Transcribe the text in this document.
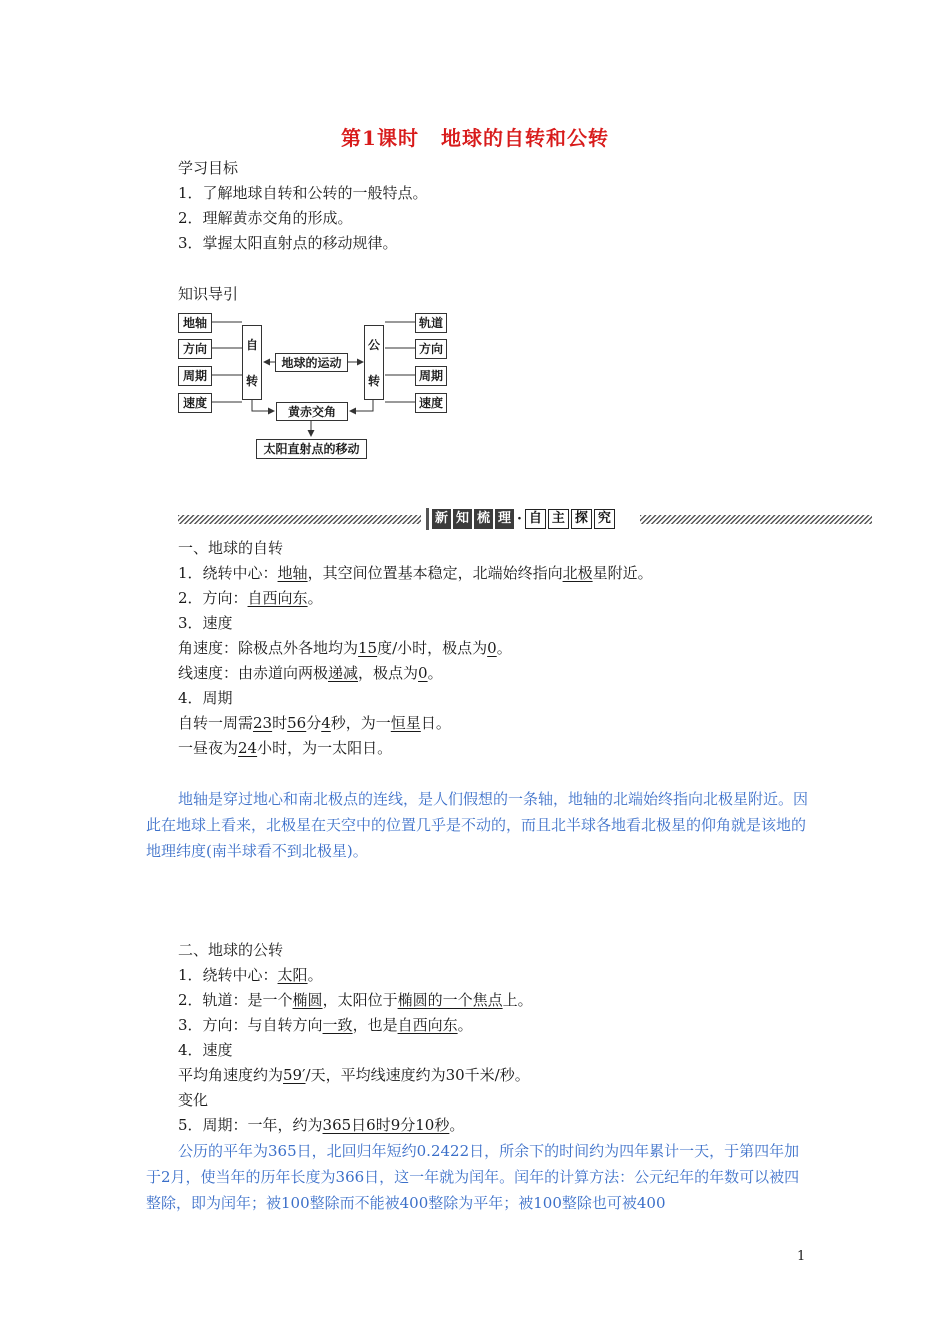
第1课时 地球的自转和公转
学习目标
1．了解地球自转和公转的一般特点。
2．理解黄赤交角的形成。
3．掌握太阳直射点的移动规律。
知识导引
地轴
方向
周期
速度
自
转
地球的运动
公
转
轨道
方向
周期
速度
黄赤交角
太阳直射点的移动
新 知 梳 理 · 自 主 探 究
一、地球的自转
1．绕转中心：地轴，其空间位置基本稳定，北端始终指向北极星附近。
2．方向：自西向东。
3．速度
角速度：除极点外各地均为15度/小时，极点为0。
线速度：由赤道向两极递减，极点为0。
4．周期
自转一周需23时56分4秒，为一恒星日。
一昼夜为24小时，为一太阳日。
地轴是穿过地心和南北极点的连线，是人们假想的一条轴，地轴的北端始终指向北极星附近。因此在地球上看来，北极星在天空中的位置几乎是不动的，而且北半球各地看北极星的仰角就是该地的地理纬度(南半球看不到北极星)。
二、地球的公转
1．绕转中心：太阳。
2．轨道：是一个椭圆，太阳位于椭圆的一个焦点上。
3．方向：与自转方向一致，也是自西向东。
4．速度
平均角速度约为59′/天，平均线速度约为30千米/秒。
变化
5．周期：一年，约为365日6时9分10秒。
公历的平年为365日，北回归年短约0.2422日，所余下的时间约为四年累计一天，于第四年加于2月，使当年的历年长度为366日，这一年就为闰年。闰年的计算方法：公元纪年的年数可以被四整除，即为闰年；被100整除而不能被400整除为平年；被100整除也可被400
1
